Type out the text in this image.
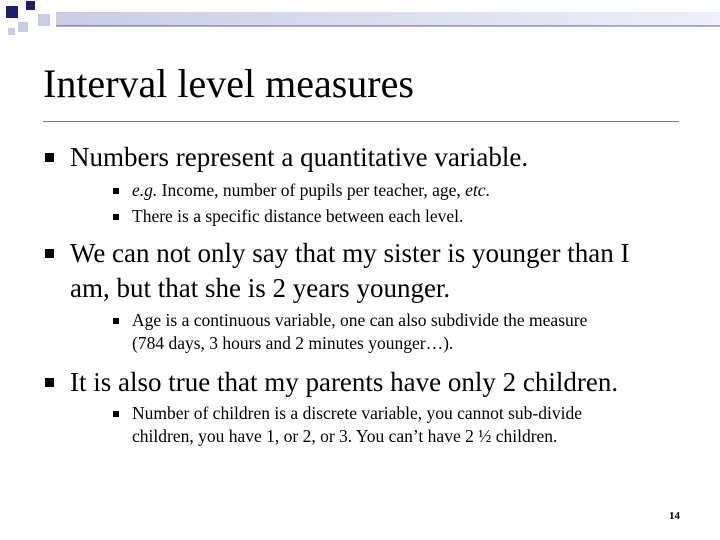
Interval level measures
Numbers represent a quantitative variable.
e.g. Income, number of pupils per teacher, age, etc.
There is a specific distance between each level.
We can not only say that my sister is younger than I
am, but that she is 2 years younger.
Age is a continuous variable, one can also subdivide the measure
(784 days, 3 hours and 2 minutes younger…).
It is also true that my parents have only 2 children.
Number of children is a discrete variable, you cannot sub-divide
children, you have 1, or 2, or 3. You can’t have 2 ½ children.
14
